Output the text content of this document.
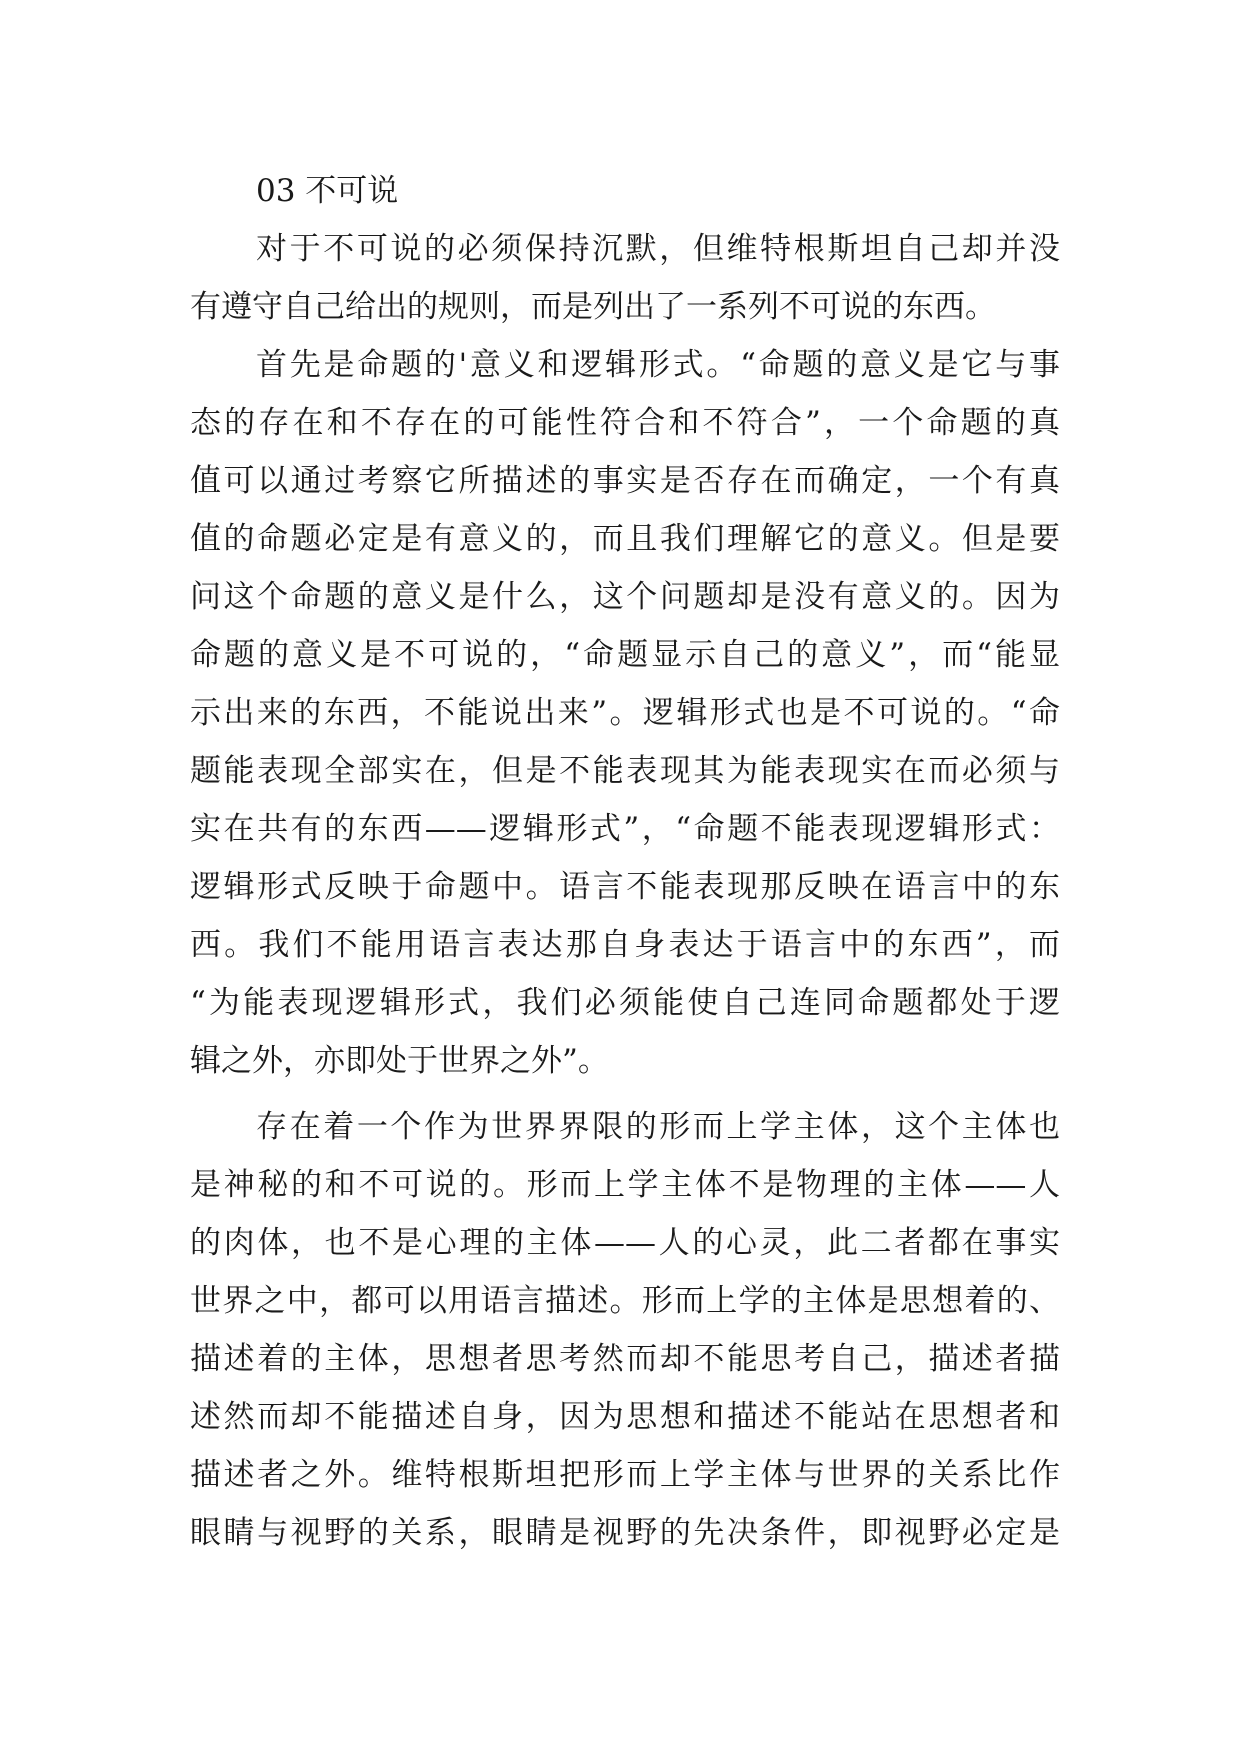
03 不可说
对于不可说的必须保持沉默，但维特根斯坦自己却并没
有遵守自己给出的规则，而是列出了一系列不可说的东西。
首先是命题的'意义和逻辑形式。“命题的意义是它与事
态的存在和不存在的可能性符合和不符合”，一个命题的真
值可以通过考察它所描述的事实是否存在而确定，一个有真
值的命题必定是有意义的，而且我们理解它的意义。但是要
问这个命题的意义是什么，这个问题却是没有意义的。因为
命题的意义是不可说的，“命题显示自己的意义”，而“能显
示出来的东西，不能说出来”。逻辑形式也是不可说的。“命
题能表现全部实在，但是不能表现其为能表现实在而必须与
实在共有的东西——逻辑形式”，“命题不能表现逻辑形式：
逻辑形式反映于命题中。语言不能表现那反映在语言中的东
西。我们不能用语言表达那自身表达于语言中的东西”，而
“为能表现逻辑形式，我们必须能使自己连同命题都处于逻
辑之外，亦即处于世界之外”。
存在着一个作为世界界限的形而上学主体，这个主体也
是神秘的和不可说的。形而上学主体不是物理的主体——人
的肉体，也不是心理的主体——人的心灵，此二者都在事实
世界之中，都可以用语言描述。形而上学的主体是思想着的、
描述着的主体，思想者思考然而却不能思考自己，描述者描
述然而却不能描述自身，因为思想和描述不能站在思想者和
描述者之外。维特根斯坦把形而上学主体与世界的关系比作
眼睛与视野的关系，眼睛是视野的先决条件，即视野必定是
